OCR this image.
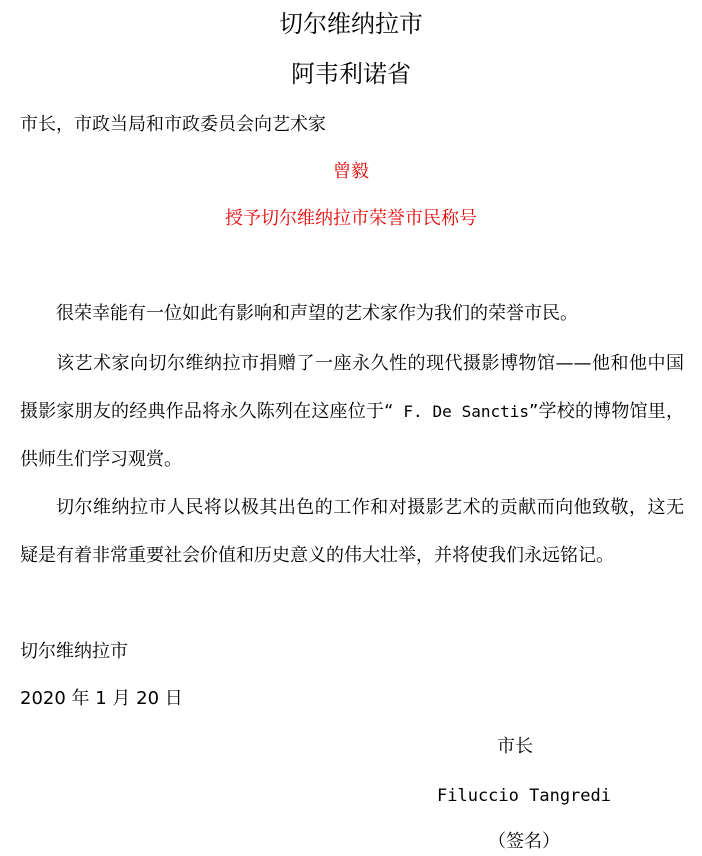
切尔维纳拉市
阿韦利诺省
市长，市政当局和市政委员会向艺术家
曾毅
授予切尔维纳拉市荣誉市民称号
很荣幸能有一位如此有影响和声望的艺术家作为我们的荣誉市民。
该艺术家向切尔维纳拉市捐赠了一座永久性的现代摄影博物馆——他和他中国摄影家朋友的经典作品将永久陈列在这座位于“ F. De Sanctis”学校的博物馆里，供师生们学习观赏。
切尔维纳拉市人民将以极其出色的工作和对摄影艺术的贡献而向他致敬，这无疑是有着非常重要社会价值和历史意义的伟大壮举，并将使我们永远铭记。
切尔维纳拉市
2020 年 1 月 20 日
市长
Filuccio Tangredi
（签名）
